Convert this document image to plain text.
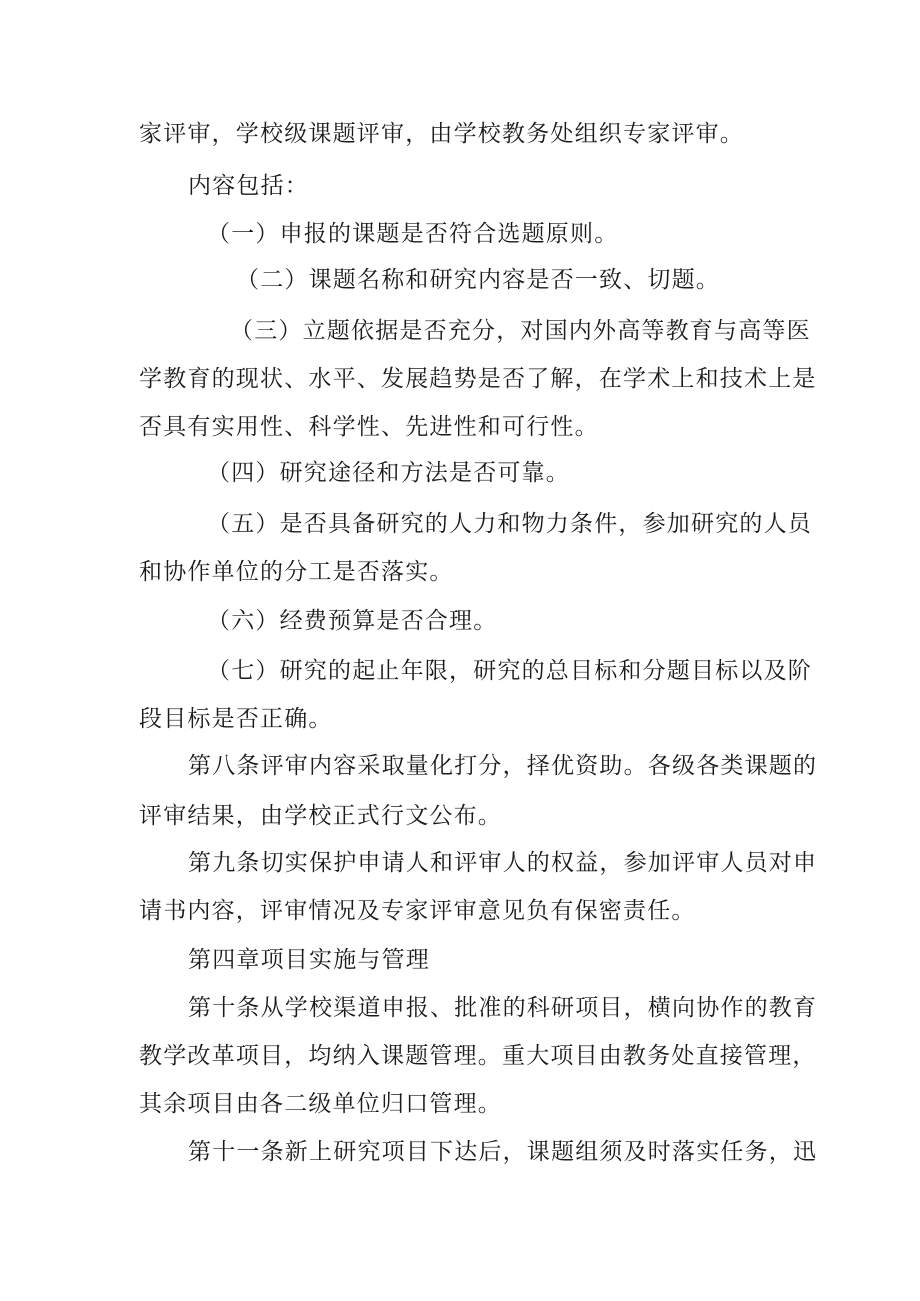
家评审，学校级课题评审，由学校教务处组织专家评审。

内容包括：

（一）申报的课题是否符合选题原则。

（二）课题名称和研究内容是否一致、切题。

（三）立题依据是否充分，对国内外高等教育与高等医

学教育的现状、水平、发展趋势是否了解，在学术上和技术上是

否具有实用性、科学性、先进性和可行性。

（四）研究途径和方法是否可靠。

（五）是否具备研究的人力和物力条件，参加研究的人员

和协作单位的分工是否落实。

（六）经费预算是否合理。

（七）研究的起止年限，研究的总目标和分题目标以及阶

段目标是否正确。

第八条评审内容采取量化打分，择优资助。各级各类课题的

评审结果，由学校正式行文公布。

第九条切实保护申请人和评审人的权益，参加评审人员对申

请书内容，评审情况及专家评审意见负有保密责任。

第四章项目实施与管理

第十条从学校渠道申报、批准的科研项目，横向协作的教育

教学改革项目，均纳入课题管理。重大项目由教务处直接管理，

其余项目由各二级单位归口管理。

第十一条新上研究项目下达后，课题组须及时落实任务，迅
